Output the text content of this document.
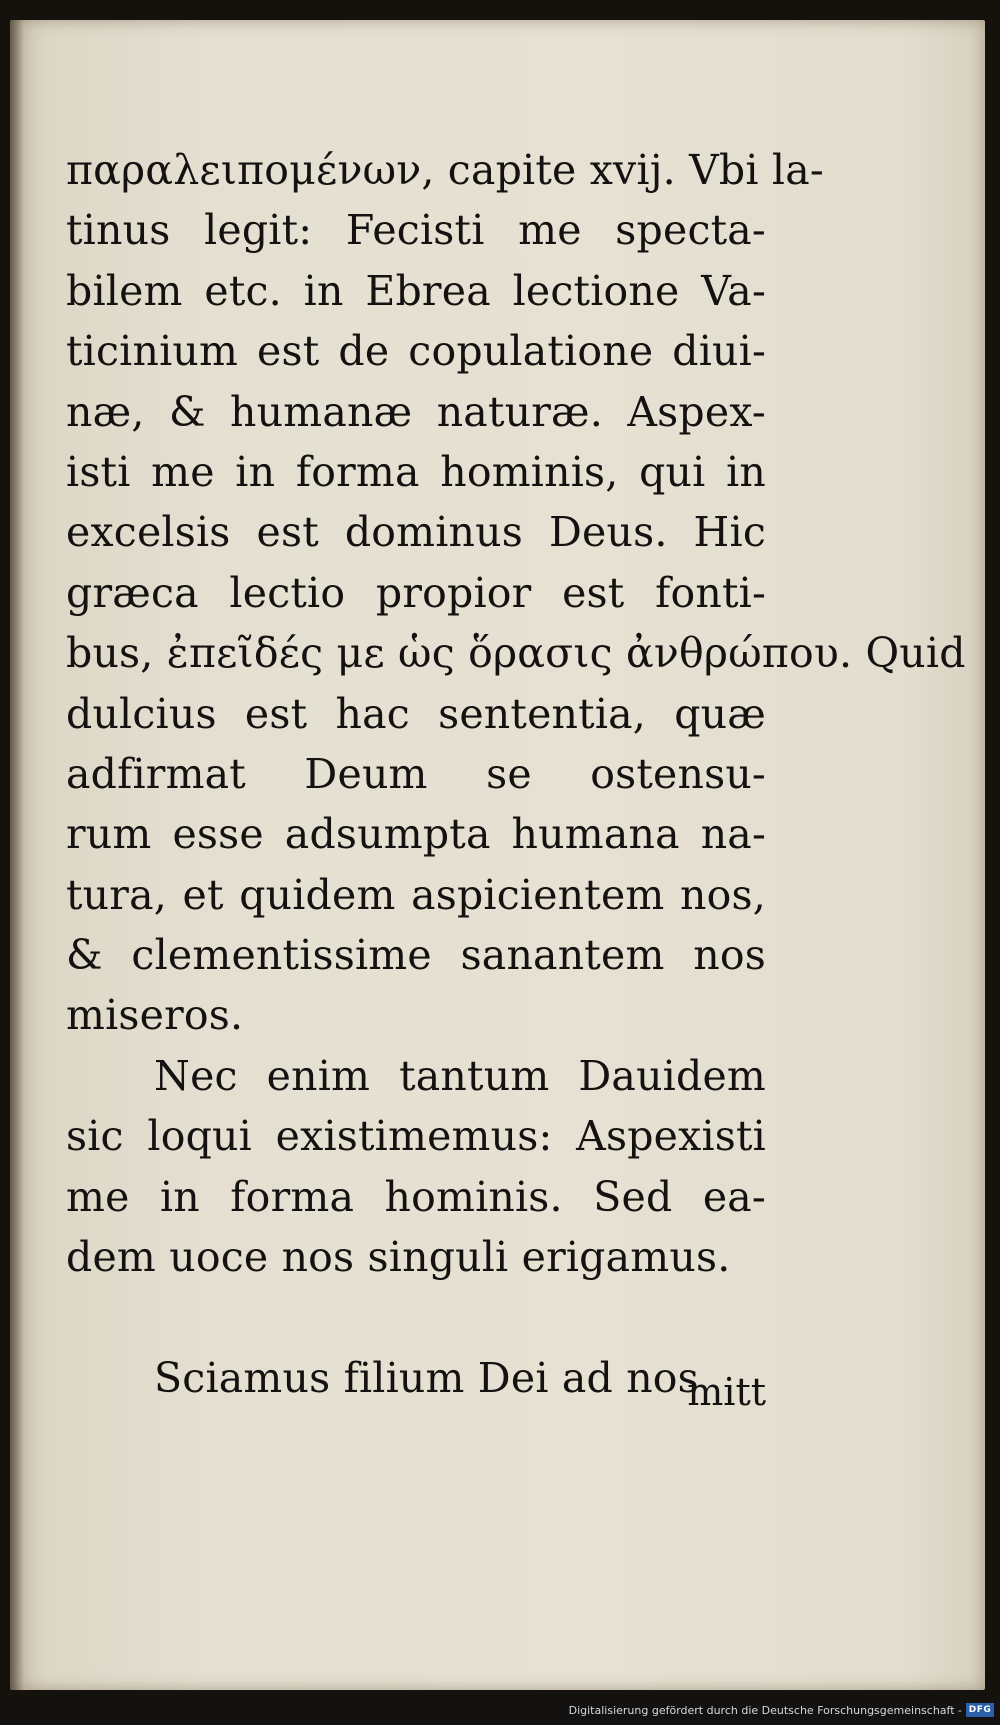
παραλειπομένων, capite xvij. Vbi la-
tinus legit: Fecisti me specta-
bilem etc. in Ebrea lectione Va-
ticinium est de copulatione diui-
næ, & humanæ naturæ. Aspex-
isti me in forma hominis, qui in
excelsis est dominus Deus. Hic
græca lectio propior est fonti-
bus, ἐπεῖδές με ὡς ὅρασις ἀνθρώπου. Quid
dulcius est hac sententia, quæ
adfirmat Deum se ostensu-
rum esse adsumpta humana na-
tura, et quidem aspicientem nos,
& clementissime sanantem nos
miseros.
Nec enim tantum Dauidem
sic loqui existimemus: Aspexisti
me in forma hominis. Sed ea-
dem uoce nos singuli erigamus.
Sciamus filium Dei ad nos
mitt
Digitalisierung gefördert durch die Deutsche Forschungsgemeinschaft - DFG
